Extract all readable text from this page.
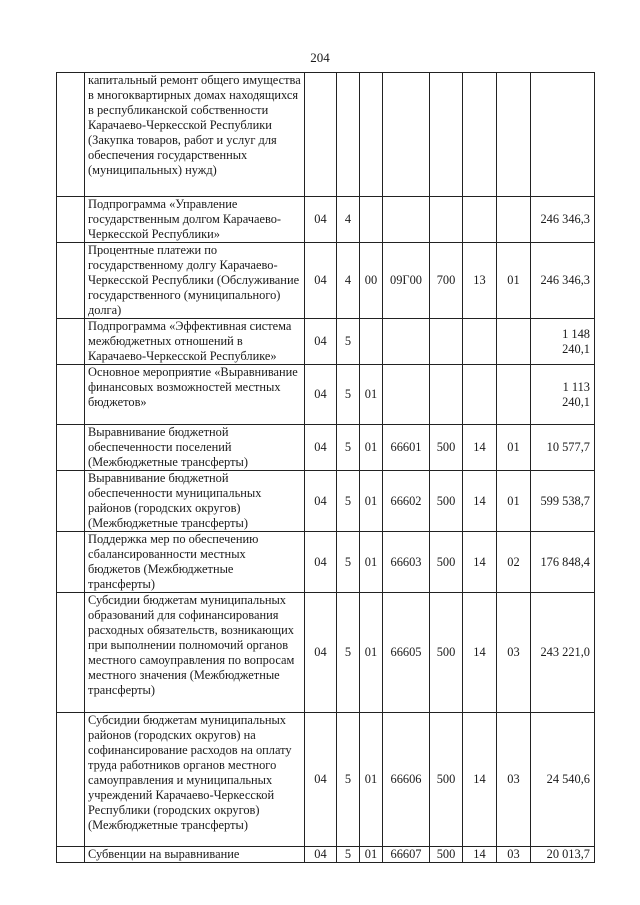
204
	капитальный ремонт общего имущества в многоквартирных домах находящихся в республиканской собственности Карачаево-Черкесской Республики (Закупка товаров, работ и услуг для обеспечения государственных (муниципальных) нужд)								
	Подпрограмма «Управление государственным долгом Карачаево-Черкесской Республики»	04	4						246 346,3
	Процентные платежи по государственному долгу Карачаево-Черкесской Республики (Обслуживание государственного (муниципального) долга)	04	4	00	09Г00	700	13	01	246 346,3
	Подпрограмма «Эффективная система межбюджетных отношений в Карачаево-Черкесской Республике»	04	5						1 148 240,1
	Основное мероприятие «Выравнивание финансовых возможностей местных бюджетов»	04	5	01					1 113 240,1
	Выравнивание бюджетной обеспеченности поселений (Межбюджетные трансферты)	04	5	01	66601	500	14	01	10 577,7
	Выравнивание бюджетной обеспеченности муниципальных районов (городских округов) (Межбюджетные трансферты)	04	5	01	66602	500	14	01	599 538,7
	Поддержка мер по обеспечению сбалансированности местных бюджетов (Межбюджетные трансферты)	04	5	01	66603	500	14	02	176 848,4
	Субсидии бюджетам муниципальных образований для софинансирования расходных обязательств, возникающих при выполнении полномочий органов местного самоуправления по вопросам местного значения (Межбюджетные трансферты)	04	5	01	66605	500	14	03	243 221,0
	Субсидии бюджетам муниципальных районов (городских округов) на софинансирование расходов на оплату труда работников органов местного самоуправления и муниципальных учреждений Карачаево-Черкесской Республики (городских округов) (Межбюджетные трансферты)	04	5	01	66606	500	14	03	24 540,6
	Субвенции на выравнивание	04	5	01	66607	500	14	03	20 013,7
